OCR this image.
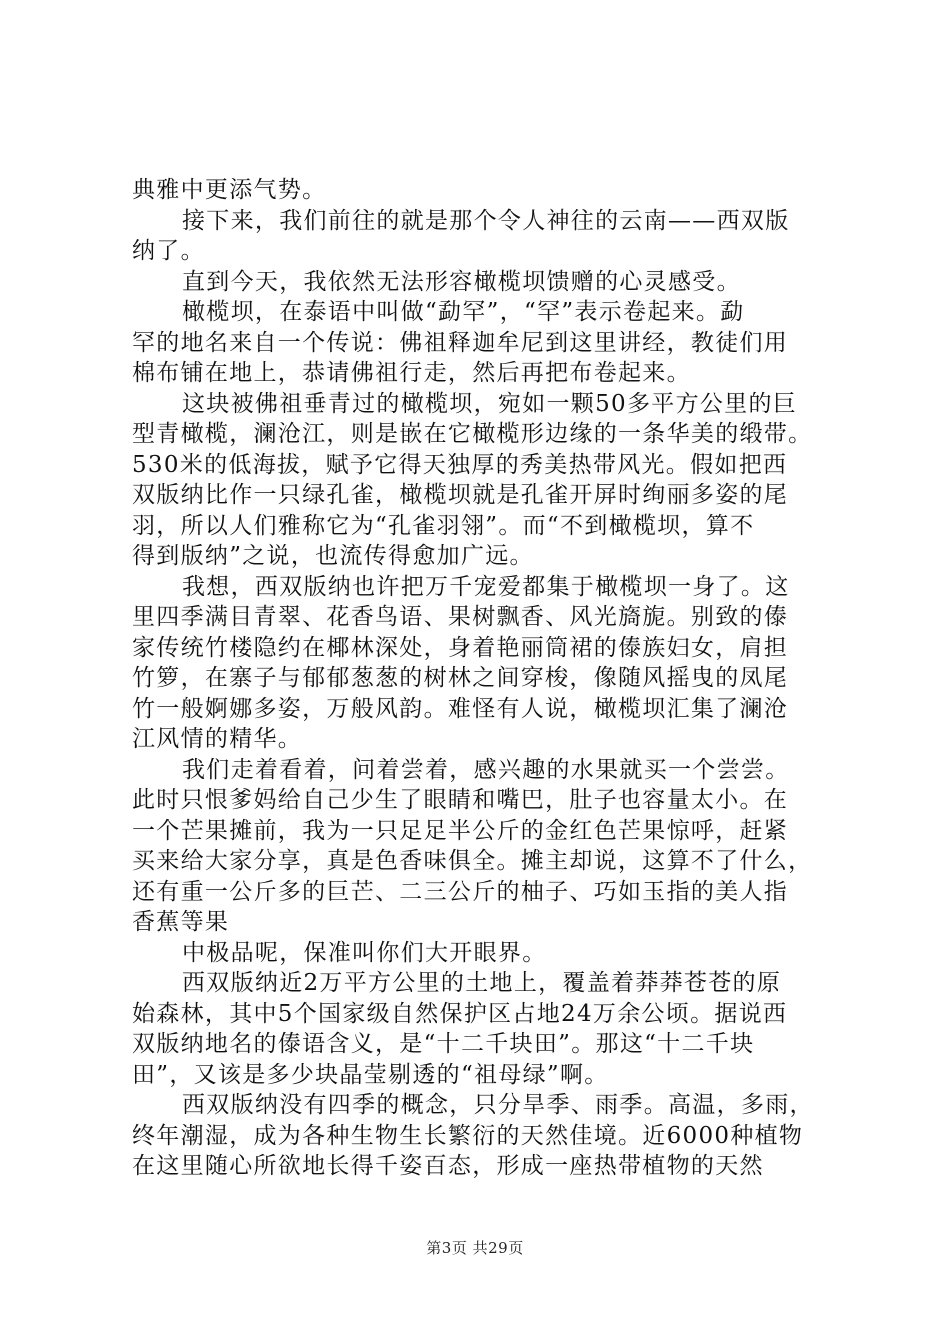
典雅中更添气势。
接下来，我们前往的就是那个令人神往的云南——西双版
纳了。
直到今天，我依然无法形容橄榄坝馈赠的心灵感受。
橄榄坝，在泰语中叫做“勐罕”，“罕”表示卷起来。勐
罕的地名来自一个传说：佛祖释迦牟尼到这里讲经，教徒们用
棉布铺在地上，恭请佛祖行走，然后再把布卷起来。
这块被佛祖垂青过的橄榄坝，宛如一颗50多平方公里的巨
型青橄榄，澜沧江，则是嵌在它橄榄形边缘的一条华美的缎带。
530米的低海拔，赋予它得天独厚的秀美热带风光。假如把西
双版纳比作一只绿孔雀，橄榄坝就是孔雀开屏时绚丽多姿的尾
羽，所以人们雅称它为“孔雀羽翎”。而“不到橄榄坝，算不
得到版纳”之说，也流传得愈加广远。
我想，西双版纳也许把万千宠爱都集于橄榄坝一身了。这
里四季满目青翠、花香鸟语、果树飘香、风光旖旎。别致的傣
家传统竹楼隐约在椰林深处，身着艳丽筒裙的傣族妇女，肩担
竹箩，在寨子与郁郁葱葱的树林之间穿梭，像随风摇曳的凤尾
竹一般婀娜多姿，万般风韵。难怪有人说，橄榄坝汇集了澜沧
江风情的精华。
我们走着看着，问着尝着，感兴趣的水果就买一个尝尝。
此时只恨爹妈给自己少生了眼睛和嘴巴，肚子也容量太小。在
一个芒果摊前，我为一只足足半公斤的金红色芒果惊呼，赶紧
买来给大家分享，真是色香味俱全。摊主却说，这算不了什么，
还有重一公斤多的巨芒、二三公斤的柚子、巧如玉指的美人指
香蕉等果
中极品呢，保准叫你们大开眼界。
西双版纳近2万平方公里的土地上，覆盖着莽莽苍苍的原
始森林，其中5个国家级自然保护区占地24万余公顷。据说西
双版纳地名的傣语含义，是“十二千块田”。那这“十二千块
田”，又该是多少块晶莹剔透的“祖母绿”啊。
西双版纳没有四季的概念，只分旱季、雨季。高温，多雨，
终年潮湿，成为各种生物生长繁衍的天然佳境。近6000种植物
在这里随心所欲地长得千姿百态，形成一座热带植物的天然
第3页 共29页
